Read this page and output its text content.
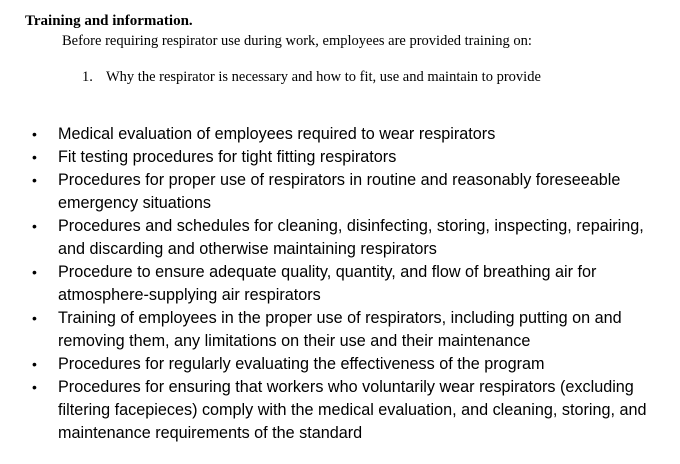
Training and information.
Before requiring respirator use during work, employees are provided training on:
1. Why the respirator is necessary and how to fit, use and maintain to provide
• Medical evaluation of employees required to wear respirators
• Fit testing procedures for tight fitting respirators
• Procedures for proper use of respirators in routine and reasonably foreseeable emergency situations
• Procedures and schedules for cleaning, disinfecting, storing, inspecting, repairing, and discarding and otherwise maintaining respirators
• Procedure to ensure adequate quality, quantity, and flow of breathing air for atmosphere-supplying air respirators
• Training of employees in the proper use of respirators, including putting on and removing them, any limitations on their use and their maintenance
• Procedures for regularly evaluating the effectiveness of the program
• Procedures for ensuring that workers who voluntarily wear respirators (excluding filtering facepieces) comply with the medical evaluation, and cleaning, storing, and maintenance requirements of the standard
